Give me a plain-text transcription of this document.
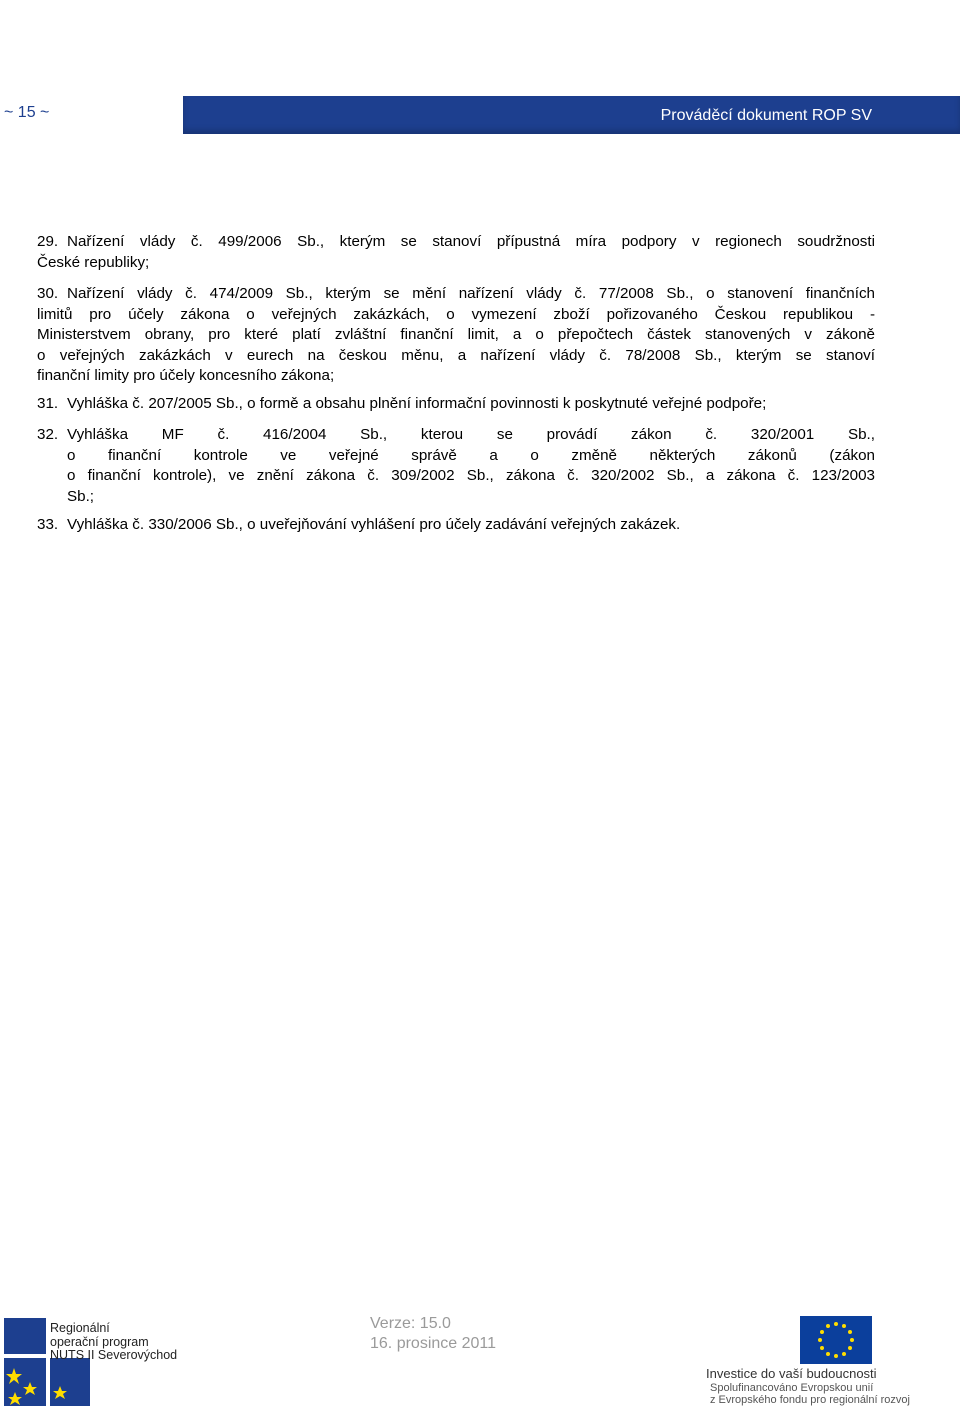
~ 15 ~	Prováděcí dokument ROP SV
29. Nařízení vlády č. 499/2006 Sb., kterým se stanoví přípustná míra podpory v regionech soudržnosti
České republiky;
30. Nařízení vlády č. 474/2009 Sb., kterým se mění nařízení vlády č. 77/2008 Sb., o stanovení finančních
limitů pro účely zákona o veřejných zakázkách, o vymezení zboží pořizovaného Českou republikou -
Ministerstvem obrany, pro které platí zvláštní finanční limit, a o přepočtech částek stanovených v zákoně
o veřejných zakázkách v eurech na českou měnu, a nařízení vlády č. 78/2008 Sb., kterým se stanoví
finanční limity pro účely koncesního zákona;
31. Vyhláška č. 207/2005 Sb., o formě a obsahu plnění informační povinnosti k poskytnuté veřejné podpoře;
32. Vyhláška MF č. 416/2004 Sb., kterou se provádí zákon č. 320/2001 Sb.,
o finanční kontrole ve veřejné správě a o změně některých zákonů (zákon
o finanční kontrole), ve znění zákona č. 309/2002 Sb., zákona č. 320/2002 Sb., a zákona č. 123/2003
Sb.;
33. Vyhláška č. 330/2006 Sb., o uveřejňování vyhlášení pro účely zadávání veřejných zakázek.
Regionální
operační program
NUTS II Severovýchod
Verze: 15.0
16. prosince 2011
Investice do vaší budoucnosti
Spolufinancováno Evropskou unií
z Evropského fondu pro regionální rozvoj
